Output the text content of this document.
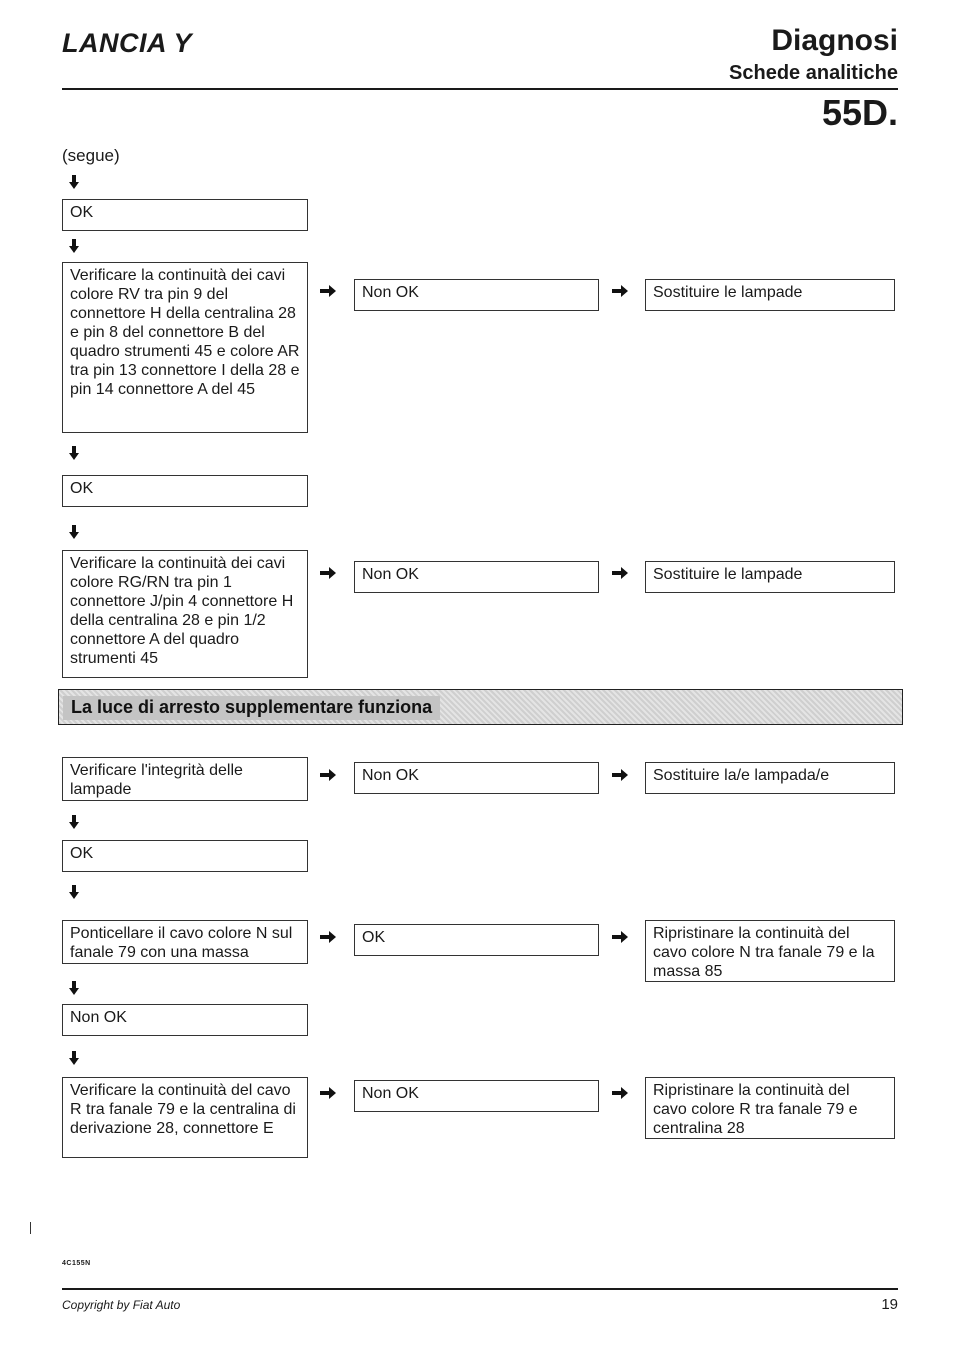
LANCIA Y	Diagnosi
Schede analitiche
55D.
(segue)
OK
Verificare la continuità dei cavi colore RV tra pin 9 del connettore H della centralina 28 e pin 8 del connettore B del quadro strumenti 45 e colore AR tra pin 13 connettore I della 28 e pin 14 connettore A del 45
Non OK	Sostituire le lampade
OK
Verificare la continuità dei cavi colore RG/RN tra pin 1 connettore J/pin 4 connettore H della centralina 28 e pin 1/2 connettore A del quadro strumenti 45
Non OK	Sostituire le lampade
La luce di arresto supplementare funziona
Verificare l'integrità delle lampade
Non OK	Sostituire la/e lampada/e
OK
Ponticellare il cavo colore N sul fanale 79 con una massa
OK	Ripristinare la continuità del cavo colore N tra fanale 79 e la massa 85
Non OK
Verificare la continuità del cavo R tra fanale 79 e la centralina di derivazione 28, connettore E
Non OK	Ripristinare la continuità del cavo colore R tra fanale 79 e centralina 28
4C155N
Copyright by Fiat Auto	19
